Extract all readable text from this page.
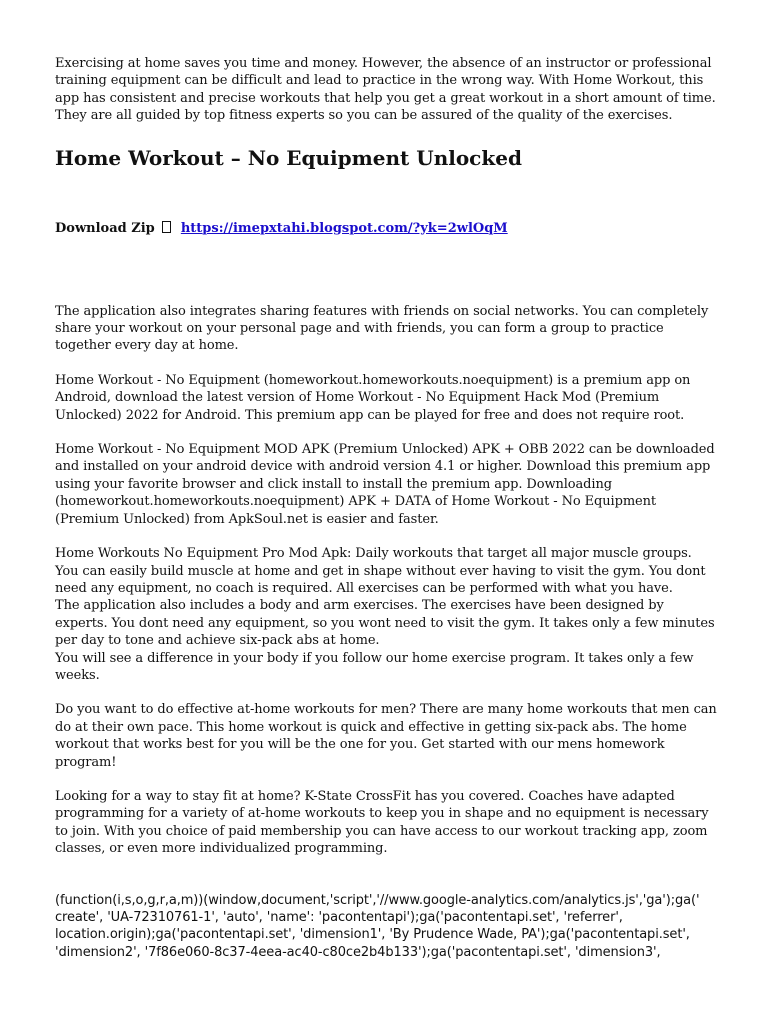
Exercising at home saves you time and money. However, the absence of an instructor or professional training equipment can be difficult and lead to practice in the wrong way. With Home Workout, this app has consistent and precise workouts that help you get a great workout in a short amount of time. They are all guided by top fitness experts so you can be assured of the quality of the exercises.

Home Workout – No Equipment Unlocked
Download Zip https://imepxtahi.blogspot.com/?yk=2wlOqM

The application also integrates sharing features with friends on social networks. You can completely share your workout on your personal page and with friends, you can form a group to practice together every day at home.

Home Workout - No Equipment (homeworkout.homeworkouts.noequipment) is a premium app on Android, download the latest version of Home Workout - No Equipment Hack Mod (Premium Unlocked) 2022 for Android. This premium app can be played for free and does not require root.

Home Workout - No Equipment MOD APK (Premium Unlocked) APK + OBB 2022 can be downloaded and installed on your android device with android version 4.1 or higher. Download this premium app using your favorite browser and click install to install the premium app. Downloading (homeworkout.homeworkouts.noequipment) APK + DATA of Home Workout - No Equipment (Premium Unlocked) from ApkSoul.net is easier and faster.

Home Workouts No Equipment Pro Mod Apk: Daily workouts that target all major muscle groups. You can easily build muscle at home and get in shape without ever having to visit the gym. You dont need any equipment, no coach is required. All exercises can be performed with what you have.
The application also includes a body and arm exercises. The exercises have been designed by experts. You dont need any equipment, so you wont need to visit the gym. It takes only a few minutes per day to tone and achieve six-pack abs at home.
You will see a difference in your body if you follow our home exercise program. It takes only a few weeks.

Do you want to do effective at-home workouts for men? There are many home workouts that men can do at their own pace. This home workout is quick and effective in getting six-pack abs. The home workout that works best for you will be the one for you. Get started with our mens homework program!

Looking for a way to stay fit at home? K-State CrossFit has you covered. Coaches have adapted programming for a variety of at-home workouts to keep you in shape and no equipment is necessary to join. With you choice of paid membership you can have access to our workout tracking app, zoom classes, or even more individualized programming.

(function(i,s,o,g,r,a,m))(window,document,'script','//www.google-analytics.com/analytics.js','ga');ga(' create', 'UA-72310761-1', 'auto', 'name': 'pacontentapi');ga('pacontentapi.set', 'referrer', location.origin);ga('pacontentapi.set', 'dimension1', 'By Prudence Wade, PA');ga('pacontentapi.set', 'dimension2', '7f86e060-8c37-4eea-ac40-c80ce2b4b133');ga('pacontentapi.set', 'dimension3',
